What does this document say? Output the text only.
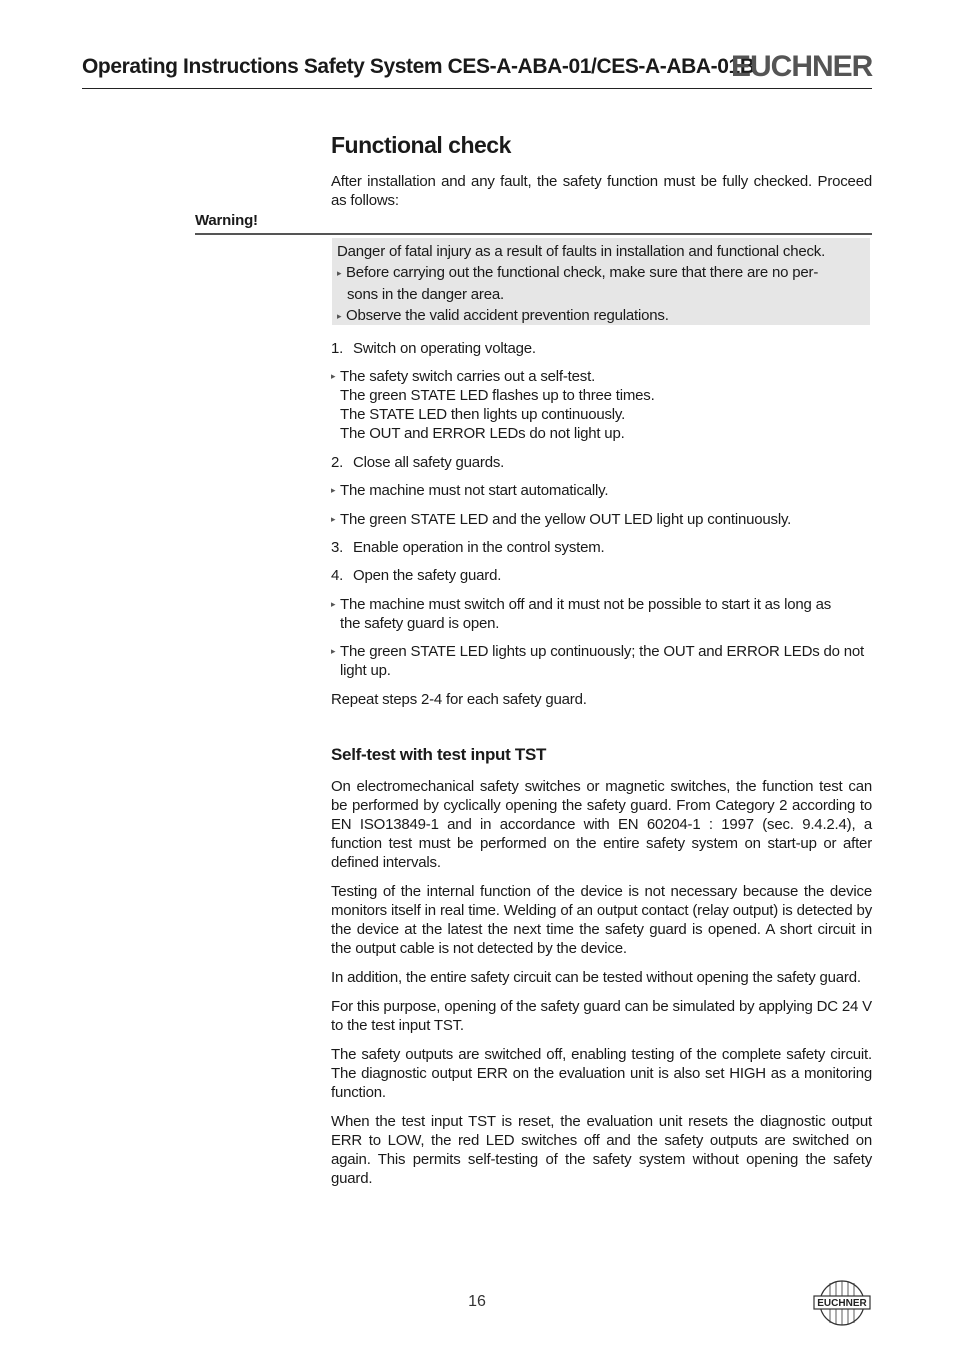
Operating Instructions Safety System CES-A-ABA-01/CES-A-ABA-01B
EUCHNER
Functional check
After installation and any fault, the safety function must be fully checked. Proceed as follows:
Warning!
Danger of fatal injury as a result of faults in installation and functional check.
▸ Before carrying out the functional check, make sure that there are no per-
sons in the danger area.
▸ Observe the valid accident prevention regulations.
1. Switch on operating voltage.
▸ The safety switch carries out a self-test.
The green STATE LED flashes up to three times.
The STATE LED then lights up continuously.
The OUT and ERROR LEDs do not light up.
2. Close all safety guards.
▸ The machine must not start automatically.
▸ The green STATE LED and the yellow OUT LED light up continuously.
3. Enable operation in the control system.
4. Open the safety guard.
▸ The machine must switch off and it must not be possible to start it as long as
the safety guard is open.
▸ The green STATE LED lights up continuously; the OUT and ERROR LEDs do not
light up.
Repeat steps 2-4 for each safety guard.
Self-test with test input TST

On electromechanical safety switches or magnetic switches, the function test can be performed by cyclically opening the safety guard. From Category 2 according to EN ISO13849-1 and in accordance with EN 60204-1 : 1997 (sec. 9.4.2.4), a function test must be performed on the entire safety system on start-up or after defined intervals.

Testing of the internal function of the device is not necessary because the device monitors itself in real time. Welding of an output contact (relay output) is detected by the device at the latest the next time the safety guard is opened. A short circuit in the output cable is not detected by the device.

In addition, the entire safety circuit can be tested without opening the safety guard.

For this purpose, opening of the safety guard can be simulated by applying DC 24 V to the test input TST.

The safety outputs are switched off, enabling testing of the complete safety circuit. The diagnostic output ERR on the evaluation unit is also set HIGH as a monitoring function.

When the test input TST is reset, the evaluation unit resets the diagnostic output ERR to LOW, the red LED switches off and the safety outputs are switched on again. This permits self-testing of the safety system without opening the safety guard.

16	EUCHNER
